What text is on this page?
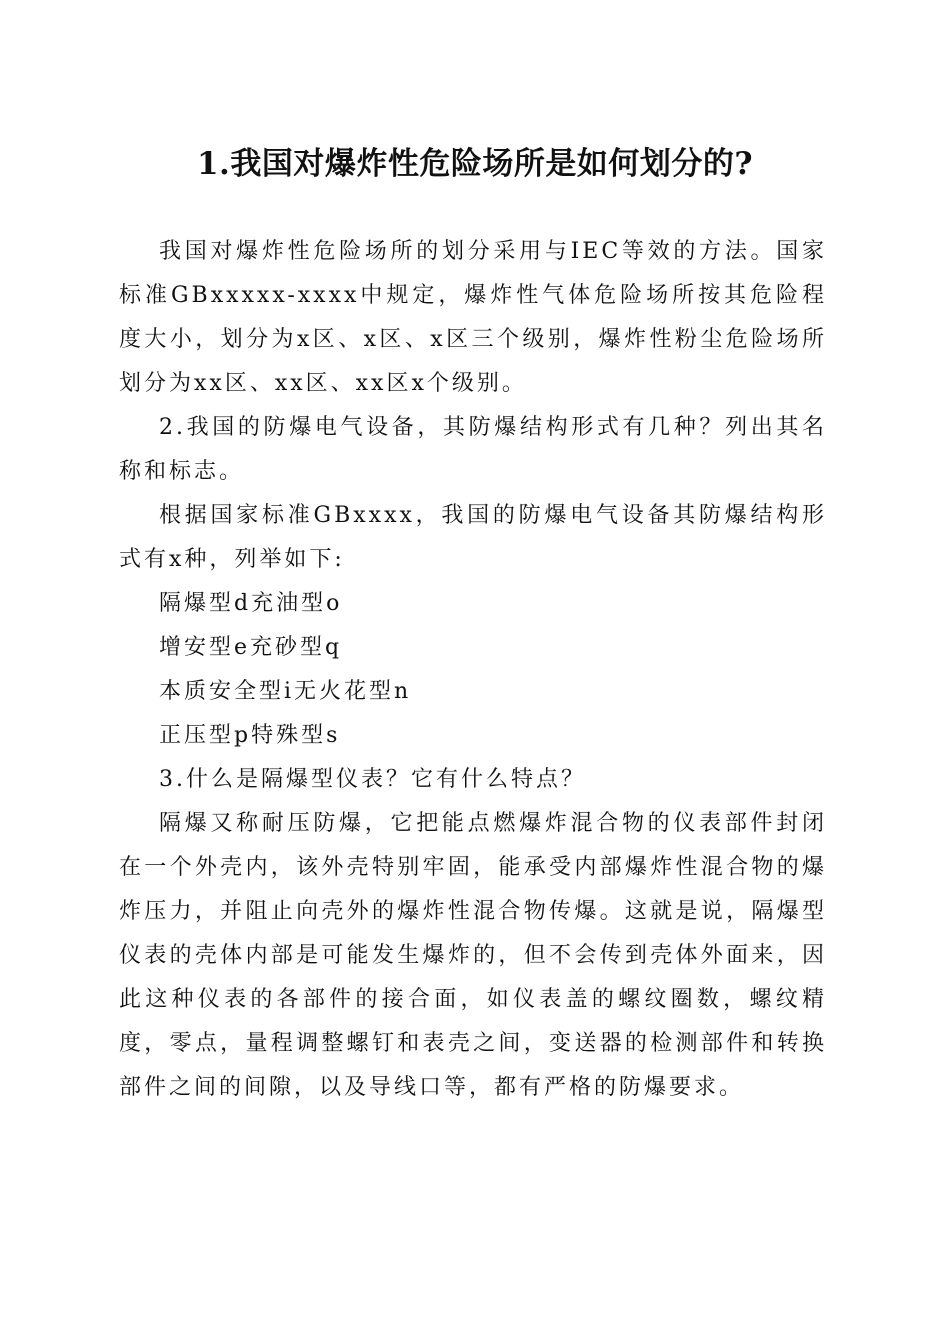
1.我国对爆炸性危险场所是如何划分的?

我国对爆炸性危险场所的划分采用与IEC等效的方法。国家标准GBxxxxx-xxxx中规定，爆炸性气体危险场所按其危险程度大小，划分为x区、x区、x区三个级别，爆炸性粉尘危险场所划分为xx区、xx区、xx区x个级别。

2.我国的防爆电气设备，其防爆结构形式有几种？列出其名称和标志。

根据国家标准GBxxxx，我国的防爆电气设备其防爆结构形式有x种，列举如下:

隔爆型d充油型o

增安型e充砂型q

本质安全型i无火花型n

正压型p特殊型s

3.什么是隔爆型仪表？它有什么特点？

隔爆又称耐压防爆，它把能点燃爆炸混合物的仪表部件封闭在一个外壳内，该外壳特别牢固，能承受内部爆炸性混合物的爆炸压力，并阻止向壳外的爆炸性混合物传爆。这就是说，隔爆型仪表的壳体内部是可能发生爆炸的，但不会传到壳体外面来，因此这种仪表的各部件的接合面，如仪表盖的螺纹圈数，螺纹精度，零点，量程调整螺钉和表壳之间，变送器的检测部件和转换部件之间的间隙，以及导线口等，都有严格的防爆要求。
